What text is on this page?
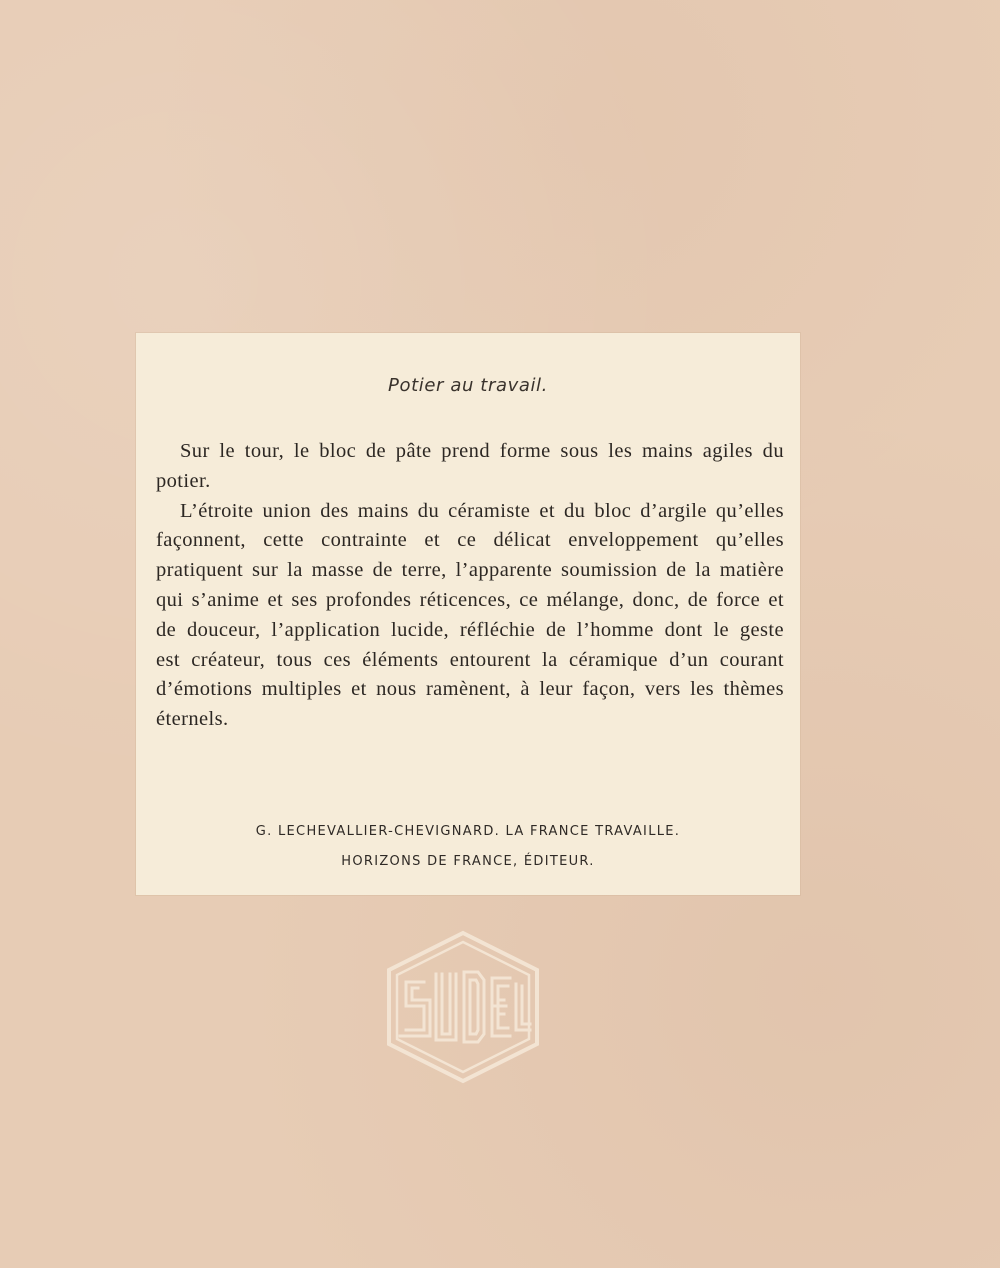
Potier au travail.

Sur le tour, le bloc de pâte prend forme sous les mains agiles du potier.

L’étroite union des mains du céramiste et du bloc d’argile qu’elles façonnent, cette contrainte et ce délicat enveloppement qu’elles pratiquent sur la masse de terre, l’apparente soumission de la matière qui s’anime et ses profondes réticences, ce mélange, donc, de force et de douceur, l’application lucide, réfléchie de l’homme dont le geste est créateur, tous ces éléments entourent la céramique d’un courant d’émotions multiples et nous ramènent, à leur façon, vers les thèmes éternels.

G. LECHEVALLIER-CHEVIGNARD. LA FRANCE TRAVAILLE.
HORIZONS DE FRANCE, ÉDITEUR.
